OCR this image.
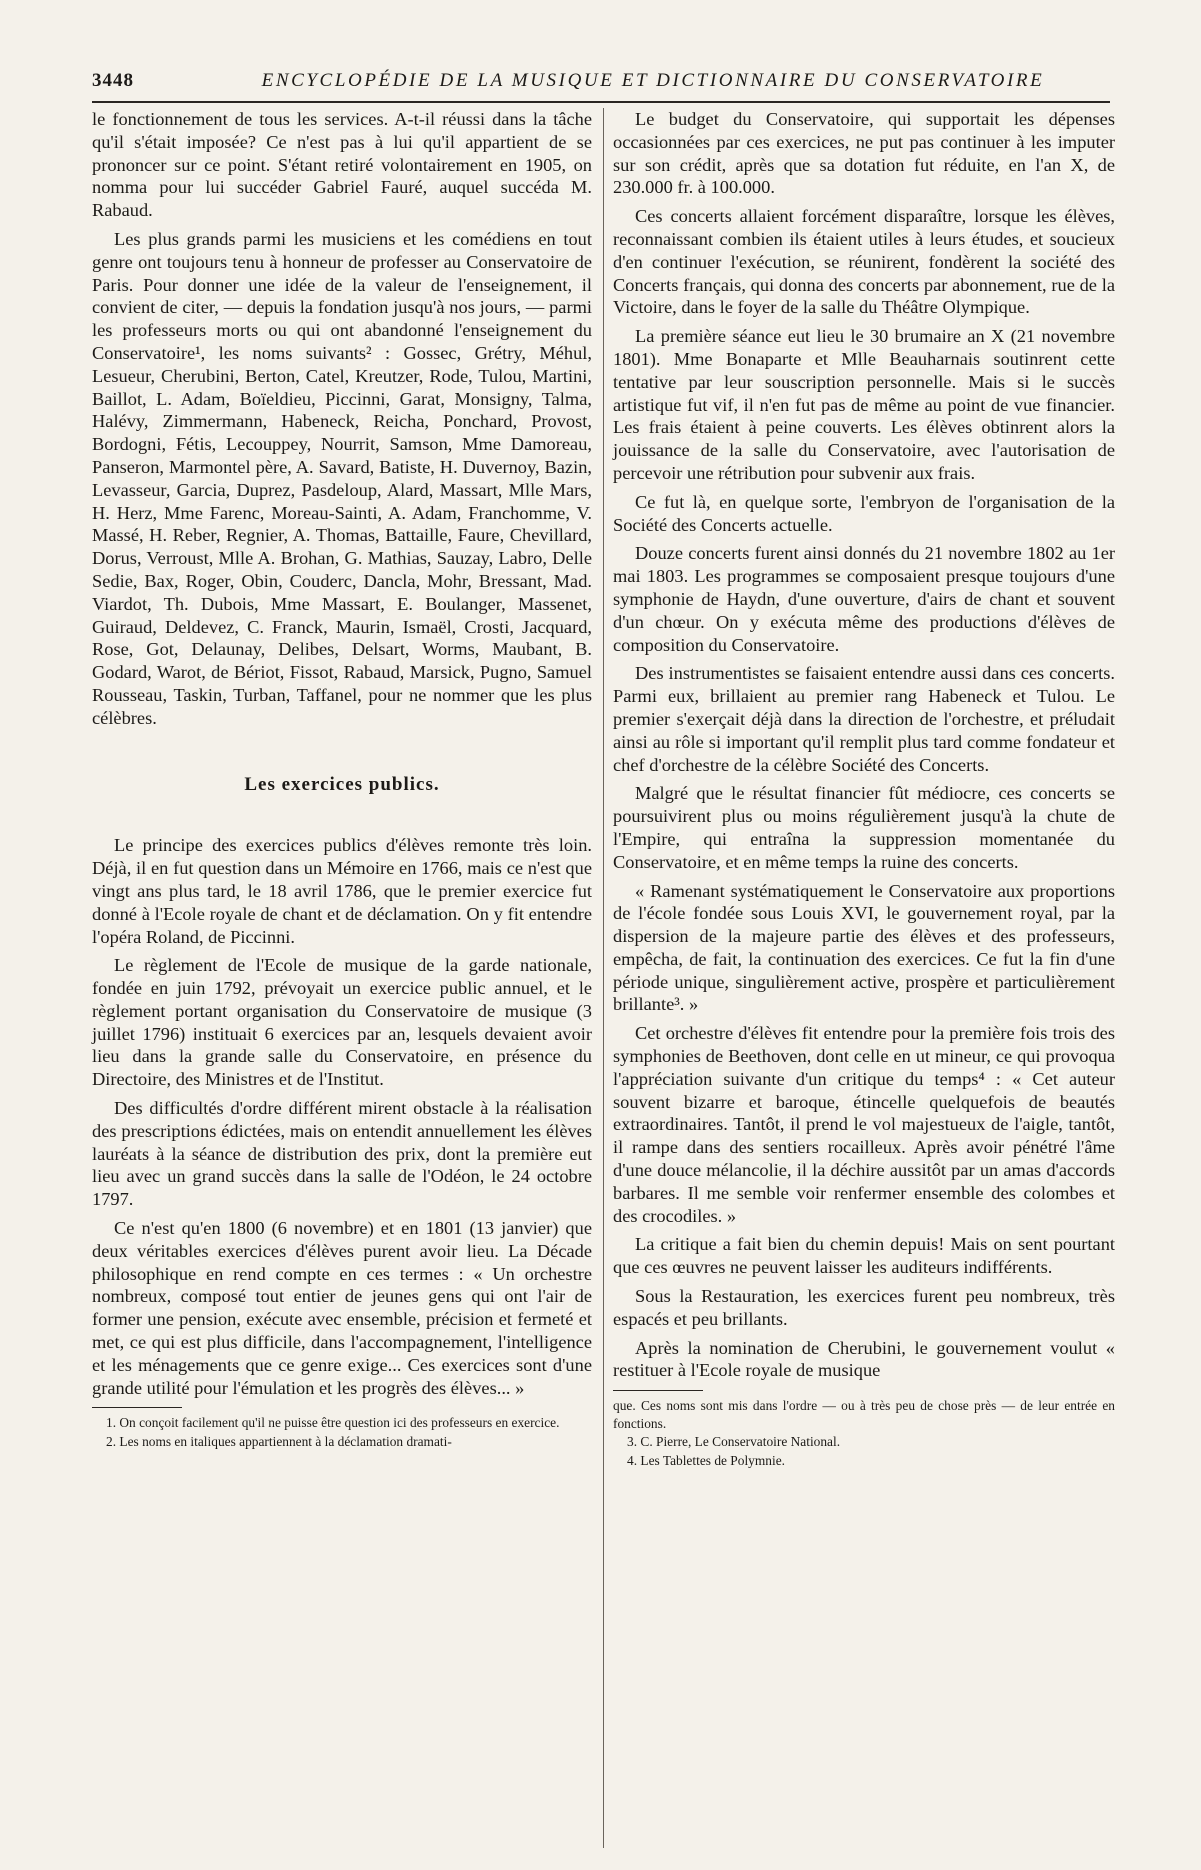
3448	ENCYCLOPÉDIE DE LA MUSIQUE ET DICTIONNAIRE DU CONSERVATOIRE

le fonctionnement de tous les services. A-t-il réussi dans la tâche qu'il s'était imposée? Ce n'est pas à lui qu'il appartient de se prononcer sur ce point. S'étant retiré volontairement en 1905, on nomma pour lui succéder Gabriel Fauré, auquel succéda M. Rabaud.

Les plus grands parmi les musiciens et les comédiens en tout genre ont toujours tenu à honneur de professer au Conservatoire de Paris. Pour donner une idée de la valeur de l'enseignement, il convient de citer, — depuis la fondation jusqu'à nos jours, — parmi les professeurs morts ou qui ont abandonné l'enseignement du Conservatoire¹, les noms suivants² : Gossec, Grétry, Méhul, Lesueur, Cherubini, Berton, Catel, Kreutzer, Rode, Tulou, Martini, Baillot, L. Adam, Boïeldieu, Piccinni, Garat, Monsigny, Talma, Halévy, Zimmermann, Habeneck, Reicha, Ponchard, Provost, Bordogni, Fétis, Lecouppey, Nourrit, Samson, Mme Damoreau, Panseron, Marmontel père, A. Savard, Batiste, H. Duvernoy, Bazin, Levasseur, Garcia, Duprez, Pasdeloup, Alard, Massart, Mlle Mars, H. Herz, Mme Farenc, Moreau-Sainti, A. Adam, Franchomme, V. Massé, H. Reber, Regnier, A. Thomas, Battaille, Faure, Chevillard, Dorus, Verroust, Mlle A. Brohan, G. Mathias, Sauzay, Labro, Delle Sedie, Bax, Roger, Obin, Couderc, Dancla, Mohr, Bressant, Mad. Viardot, Th. Dubois, Mme Massart, E. Boulanger, Massenet, Guiraud, Deldevez, C. Franck, Maurin, Ismaël, Crosti, Jacquard, Rose, Got, Delaunay, Delibes, Delsart, Worms, Maubant, B. Godard, Warot, de Bériot, Fissot, Rabaud, Marsick, Pugno, Samuel Rousseau, Taskin, Turban, Taffanel, pour ne nommer que les plus célèbres.

Les exercices publics.

Le principe des exercices publics d'élèves remonte très loin. Déjà, il en fut question dans un Mémoire en 1766, mais ce n'est que vingt ans plus tard, le 18 avril 1786, que le premier exercice fut donné à l'Ecole royale de chant et de déclamation. On y fit entendre l'opéra Roland, de Piccinni.

Le règlement de l'Ecole de musique de la garde nationale, fondée en juin 1792, prévoyait un exercice public annuel, et le règlement portant organisation du Conservatoire de musique (3 juillet 1796) instituait 6 exercices par an, lesquels devaient avoir lieu dans la grande salle du Conservatoire, en présence du Directoire, des Ministres et de l'Institut.

Des difficultés d'ordre différent mirent obstacle à la réalisation des prescriptions édictées, mais on entendit annuellement les élèves lauréats à la séance de distribution des prix, dont la première eut lieu avec un grand succès dans la salle de l'Odéon, le 24 octobre 1797.

Ce n'est qu'en 1800 (6 novembre) et en 1801 (13 janvier) que deux véritables exercices d'élèves purent avoir lieu. La Décade philosophique en rend compte en ces termes : « Un orchestre nombreux, composé tout entier de jeunes gens qui ont l'air de former une pension, exécute avec ensemble, précision et fermeté et met, ce qui est plus difficile, dans l'accompagnement, l'intelligence et les ménagements que ce genre exige... Ces exercices sont d'une grande utilité pour l'émulation et les progrès des élèves... »

1. On conçoit facilement qu'il ne puisse être question ici des professeurs en exercice.
2. Les noms en italiques appartiennent à la déclamation dramati-

Le budget du Conservatoire, qui supportait les dépenses occasionnées par ces exercices, ne put pas continuer à les imputer sur son crédit, après que sa dotation fut réduite, en l'an X, de 230.000 fr. à 100.000.

Ces concerts allaient forcément disparaître, lorsque les élèves, reconnaissant combien ils étaient utiles à leurs études, et soucieux d'en continuer l'exécution, se réunirent, fondèrent la société des Concerts français, qui donna des concerts par abonnement, rue de la Victoire, dans le foyer de la salle du Théâtre Olympique.

La première séance eut lieu le 30 brumaire an X (21 novembre 1801). Mme Bonaparte et Mlle Beauharnais soutinrent cette tentative par leur souscription personnelle. Mais si le succès artistique fut vif, il n'en fut pas de même au point de vue financier. Les frais étaient à peine couverts. Les élèves obtinrent alors la jouissance de la salle du Conservatoire, avec l'autorisation de percevoir une rétribution pour subvenir aux frais.

Ce fut là, en quelque sorte, l'embryon de l'organisation de la Société des Concerts actuelle.

Douze concerts furent ainsi donnés du 21 novembre 1802 au 1er mai 1803. Les programmes se composaient presque toujours d'une symphonie de Haydn, d'une ouverture, d'airs de chant et souvent d'un chœur. On y exécuta même des productions d'élèves de composition du Conservatoire.

Des instrumentistes se faisaient entendre aussi dans ces concerts. Parmi eux, brillaient au premier rang Habeneck et Tulou. Le premier s'exerçait déjà dans la direction de l'orchestre, et préludait ainsi au rôle si important qu'il remplit plus tard comme fondateur et chef d'orchestre de la célèbre Société des Concerts.

Malgré que le résultat financier fût médiocre, ces concerts se poursuivirent plus ou moins régulièrement jusqu'à la chute de l'Empire, qui entraîna la suppression momentanée du Conservatoire, et en même temps la ruine des concerts.

« Ramenant systématiquement le Conservatoire aux proportions de l'école fondée sous Louis XVI, le gouvernement royal, par la dispersion de la majeure partie des élèves et des professeurs, empêcha, de fait, la continuation des exercices. Ce fut la fin d'une période unique, singulièrement active, prospère et particulièrement brillante³. »

Cet orchestre d'élèves fit entendre pour la première fois trois des symphonies de Beethoven, dont celle en ut mineur, ce qui provoqua l'appréciation suivante d'un critique du temps⁴ : « Cet auteur souvent bizarre et baroque, étincelle quelquefois de beautés extraordinaires. Tantôt, il prend le vol majestueux de l'aigle, tantôt, il rampe dans des sentiers rocailleux. Après avoir pénétré l'âme d'une douce mélancolie, il la déchire aussitôt par un amas d'accords barbares. Il me semble voir renfermer ensemble des colombes et des crocodiles. »

La critique a fait bien du chemin depuis! Mais on sent pourtant que ces œuvres ne peuvent laisser les auditeurs indifférents.

Sous la Restauration, les exercices furent peu nombreux, très espacés et peu brillants.

Après la nomination de Cherubini, le gouvernement voulut « restituer à l'Ecole royale de musique

que. Ces noms sont mis dans l'ordre — ou à très peu de chose près — de leur entrée en fonctions.
3. C. Pierre, Le Conservatoire National.
4. Les Tablettes de Polymnie.
